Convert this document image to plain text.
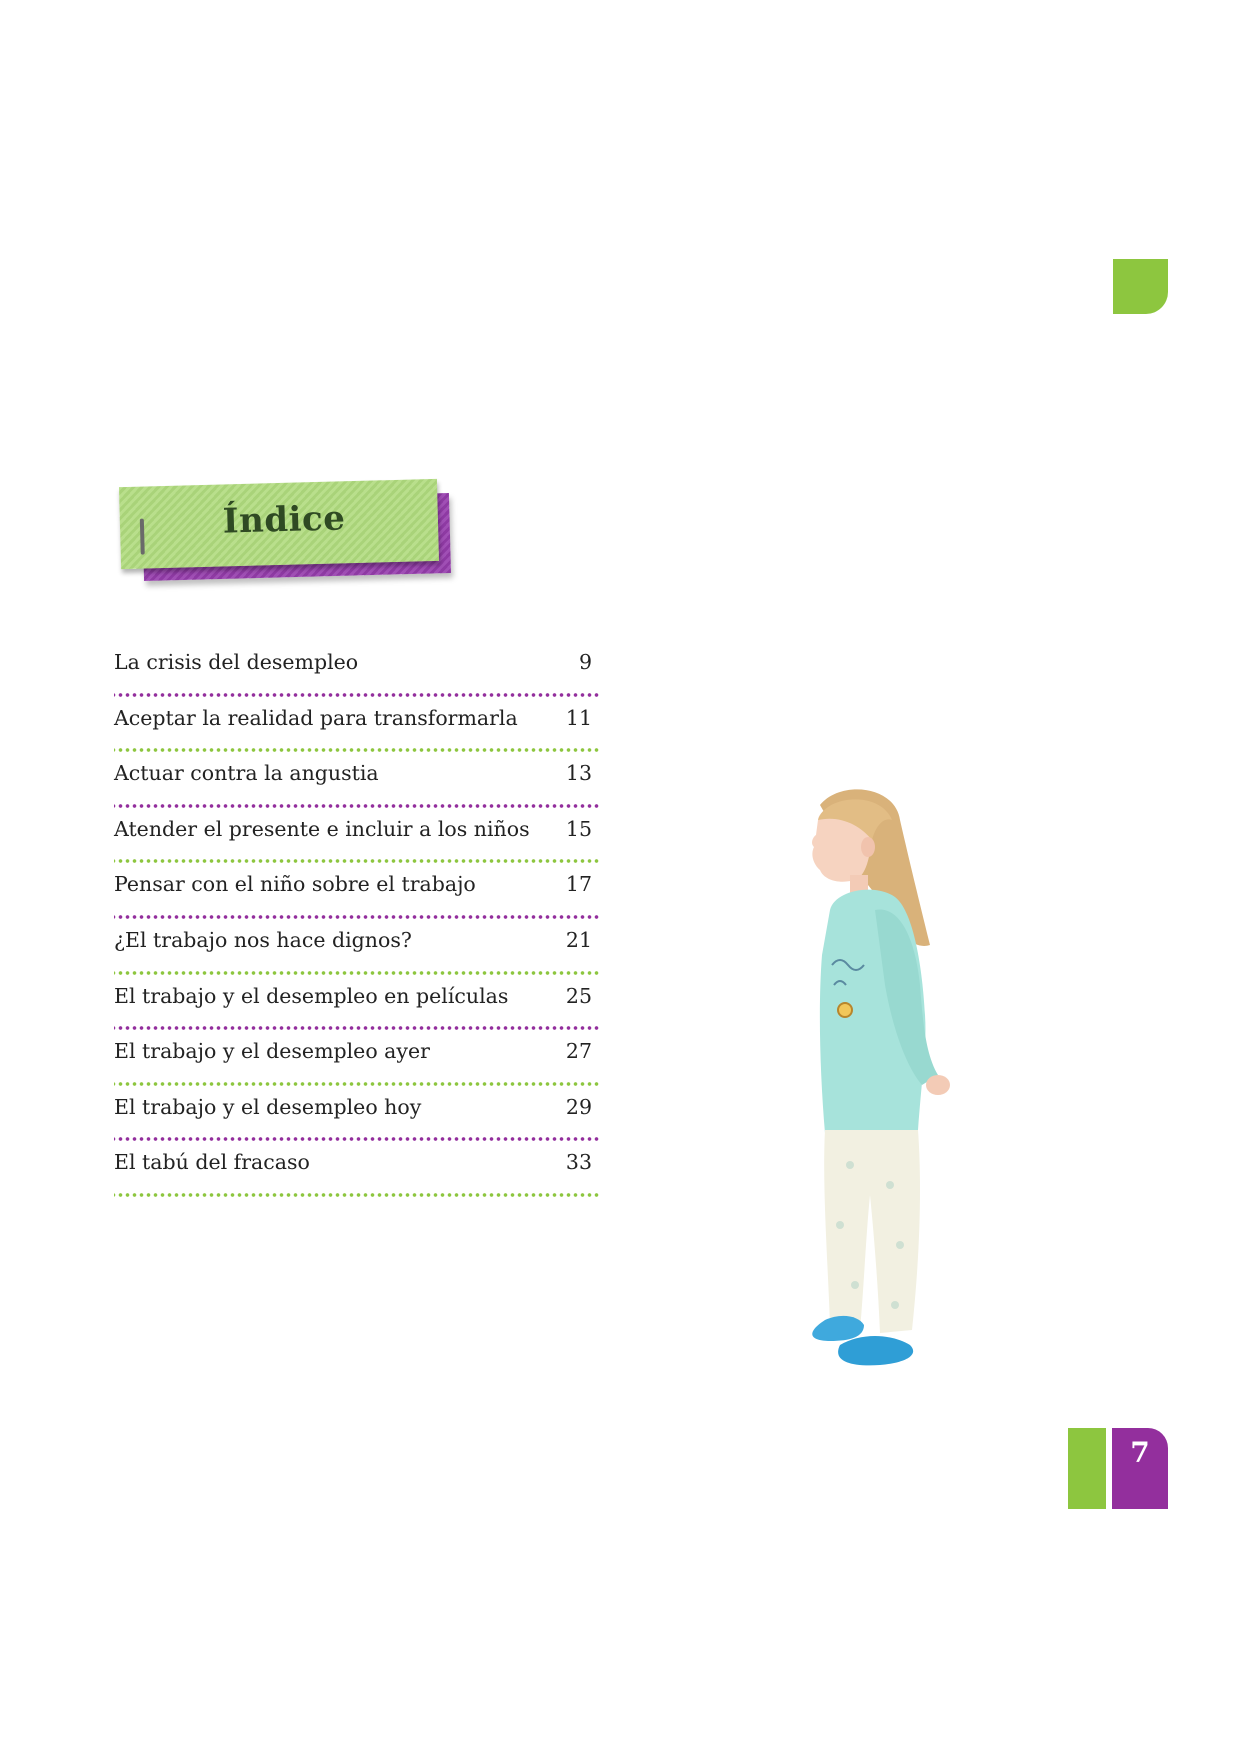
Índice
La crisis del desempleo	9
Aceptar la realidad para transformarla 11
Actuar contra la angustia	13
Atender el presente e incluir a los niños 15
Pensar con el niño sobre el trabajo	17
¿El trabajo nos hace dignos?	21
El trabajo y el desempleo en películas	25
El trabajo y el desempleo ayer	27
El trabajo y el desempleo hoy	29
El tabú del fracaso	33
7
